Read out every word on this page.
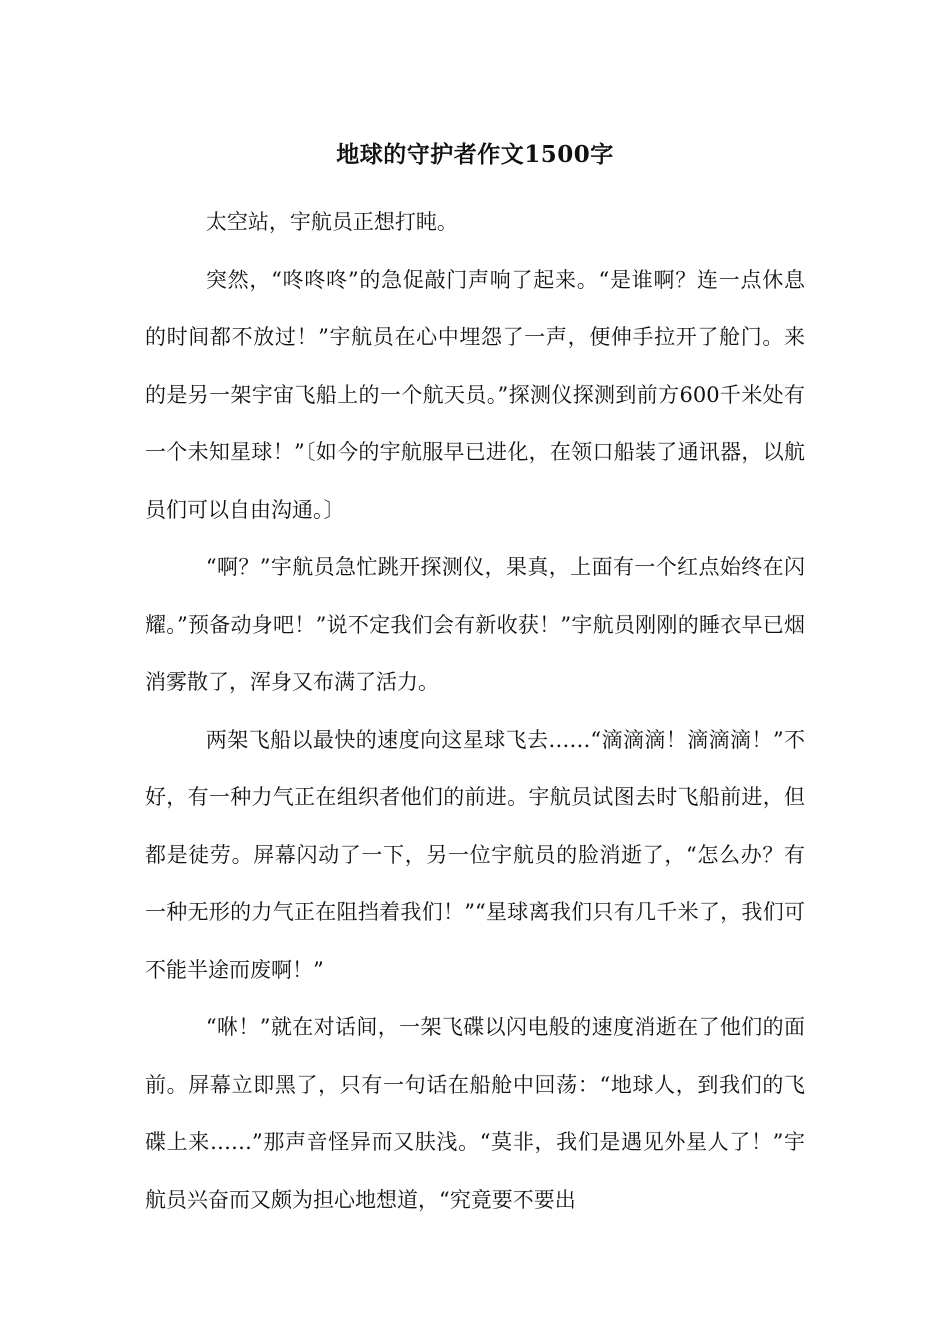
地球的守护者作文1500字

太空站，宇航员正想打盹。

突然，“咚咚咚”的急促敲门声响了起来。“是谁啊？连一点休息的时间都不放过！”宇航员在心中埋怨了一声，便伸手拉开了舱门。来的是另一架宇宙飞船上的一个航天员。”探测仪探测到前方600千米处有一个未知星球！”〔如今的宇航服早已进化，在领口船装了通讯器，以航员们可以自由沟通。〕

“啊？”宇航员急忙跳开探测仪，果真，上面有一个红点始终在闪耀。”预备动身吧！”说不定我们会有新收获！”宇航员刚刚的睡衣早已烟消雾散了，浑身又布满了活力。

两架飞船以最快的速度向这星球飞去……“滴滴滴！滴滴滴！”不好，有一种力气正在组织者他们的前进。宇航员试图去时飞船前进，但都是徒劳。屏幕闪动了一下，另一位宇航员的脸消逝了，“怎么办？有一种无形的力气正在阻挡着我们！”“星球离我们只有几千米了，我们可不能半途而废啊！”

“咻！”就在对话间，一架飞碟以闪电般的速度消逝在了他们的面前。屏幕立即黑了，只有一句话在船舱中回荡：“地球人，到我们的飞碟上来……”那声音怪异而又肤浅。“莫非，我们是遇见外星人了！”宇航员兴奋而又颇为担心地想道，“究竟要不要出
